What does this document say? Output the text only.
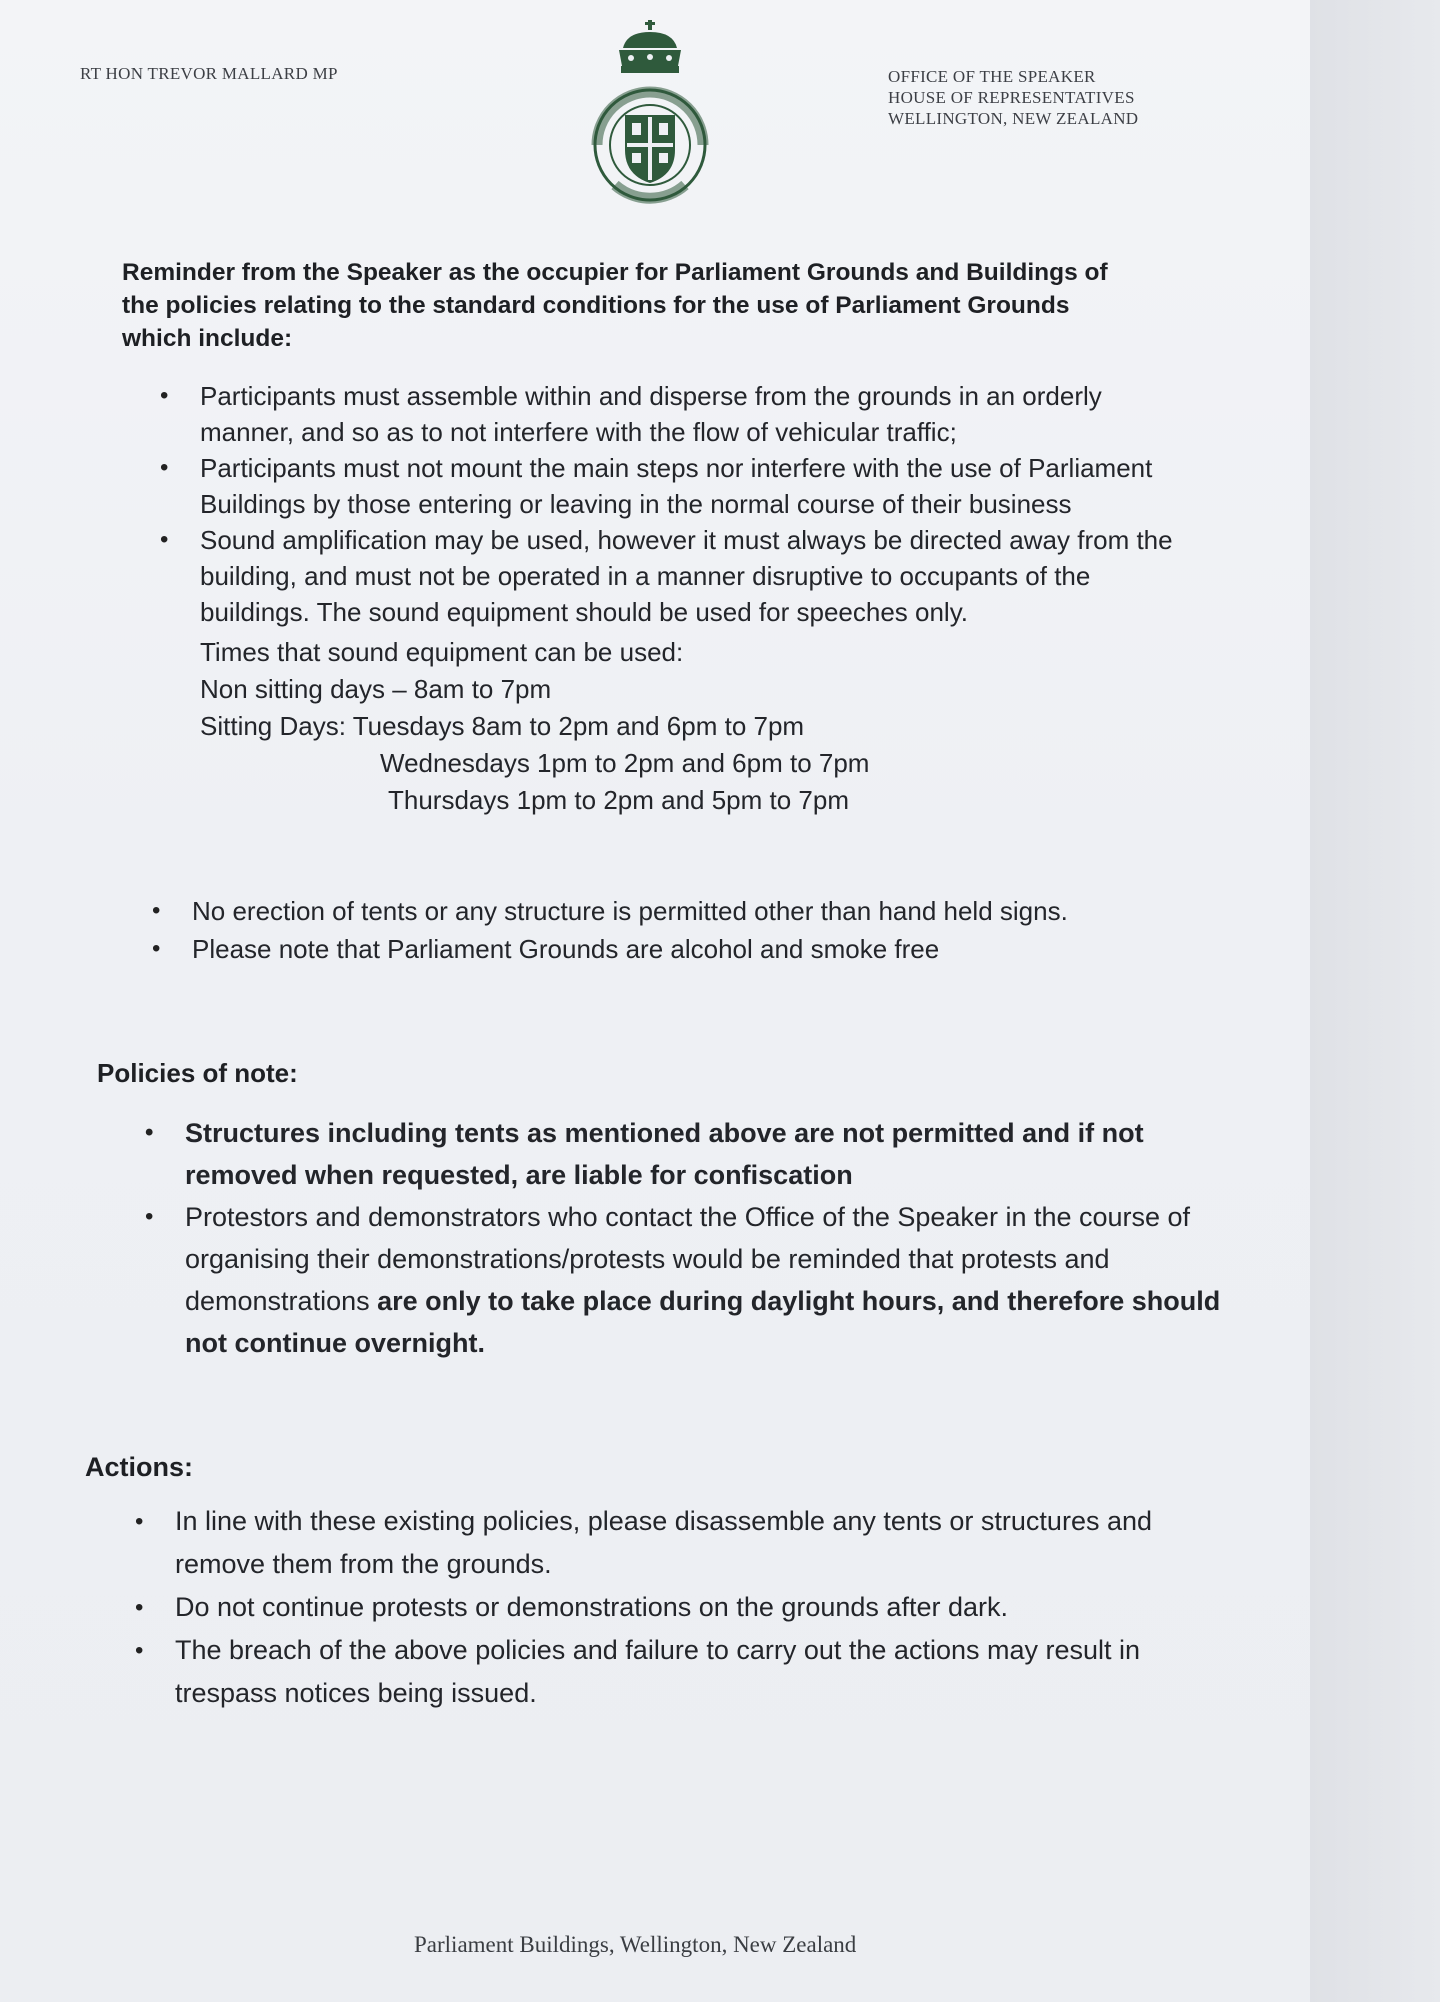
RT HON TREVOR MALLARD MP	OFFICE OF THE SPEAKER
HOUSE OF REPRESENTATIVES
WELLINGTON, NEW ZEALAND
Reminder from the Speaker as the occupier for Parliament Grounds and Buildings of the policies relating to the standard conditions for the use of Parliament Grounds which include:
• Participants must assemble within and disperse from the grounds in an orderly manner, and so as to not interfere with the flow of vehicular traffic;
• Participants must not mount the main steps nor interfere with the use of Parliament Buildings by those entering or leaving in the normal course of their business
• Sound amplification may be used, however it must always be directed away from the building, and must not be operated in a manner disruptive to occupants of the buildings. The sound equipment should be used for speeches only.
Times that sound equipment can be used:
Non sitting days – 8am to 7pm
Sitting Days: Tuesdays 8am to 2pm and 6pm to 7pm
Wednesdays 1pm to 2pm and 6pm to 7pm
Thursdays 1pm to 2pm and 5pm to 7pm
• No erection of tents or any structure is permitted other than hand held signs.
• Please note that Parliament Grounds are alcohol and smoke free
Policies of note:
• Structures including tents as mentioned above are not permitted and if not removed when requested, are liable for confiscation
• Protestors and demonstrators who contact the Office of the Speaker in the course of organising their demonstrations/protests would be reminded that protests and demonstrations are only to take place during daylight hours, and therefore should not continue overnight.
Actions:
• In line with these existing policies, please disassemble any tents or structures and remove them from the grounds.
• Do not continue protests or demonstrations on the grounds after dark.
• The breach of the above policies and failure to carry out the actions may result in trespass notices being issued.
Parliament Buildings, Wellington, New Zealand
